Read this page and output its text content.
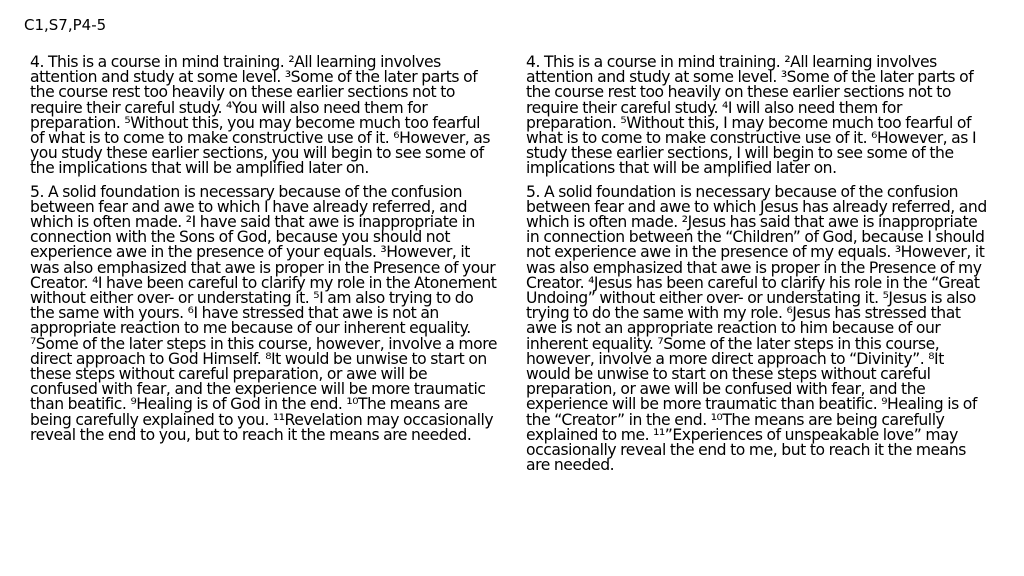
C1,S7,P4-5

4. This is a course in mind training. ²All learning involves attention and study at some level. ³Some of the later parts of the course rest too heavily on these earlier sections not to require their careful study. ⁴You will also need them for preparation. ⁵Without this, you may become much too fearful of what is to come to make constructive use of it. ⁶However, as you study these earlier sections, you will begin to see some of the implications that will be amplified later on.

5. A solid foundation is necessary because of the confusion between fear and awe to which I have already referred, and which is often made. ²I have said that awe is inappropriate in connection with the Sons of God, because you should not experience awe in the presence of your equals. ³However, it was also emphasized that awe is proper in the Presence of your Creator. ⁴I have been careful to clarify my role in the Atonement without either over- or understating it. ⁵I am also trying to do the same with yours. ⁶I have stressed that awe is not an appropriate reaction to me because of our inherent equality. ⁷Some of the later steps in this course, however, involve a more direct approach to God Himself. ⁸It would be unwise to start on these steps without careful preparation, or awe will be confused with fear, and the experience will be more traumatic than beatific. ⁹Healing is of God in the end. ¹⁰The means are being carefully explained to you. ¹¹Revelation may occasionally reveal the end to you, but to reach it the means are needed.

4. This is a course in mind training. ²All learning involves attention and study at some level. ³Some of the later parts of the course rest too heavily on these earlier sections not to require their careful study. ⁴I will also need them for preparation. ⁵Without this, I may become much too fearful of what is to come to make constructive use of it. ⁶However, as I study these earlier sections, I will begin to see some of the implications that will be amplified later on.

5. A solid foundation is necessary because of the confusion between fear and awe to which Jesus has already referred, and which is often made. ²Jesus has said that awe is inappropriate in connection between the “Children” of God, because I should not experience awe in the presence of my equals. ³However, it was also emphasized that awe is proper in the Presence of my Creator. ⁴Jesus has been careful to clarify his role in the “Great Undoing” without either over- or understating it. ⁵Jesus is also trying to do the same with my role. ⁶Jesus has stressed that awe is not an appropriate reaction to him because of our inherent equality. ⁷Some of the later steps in this course, however, involve a more direct approach to “Divinity”. ⁸It would be unwise to start on these steps without careful preparation, or awe will be confused with fear, and the experience will be more traumatic than beatific. ⁹Healing is of the “Creator” in the end. ¹⁰The means are being carefully explained to me. ¹¹”Experiences of unspeakable love” may occasionally reveal the end to me, but to reach it the means are needed.
